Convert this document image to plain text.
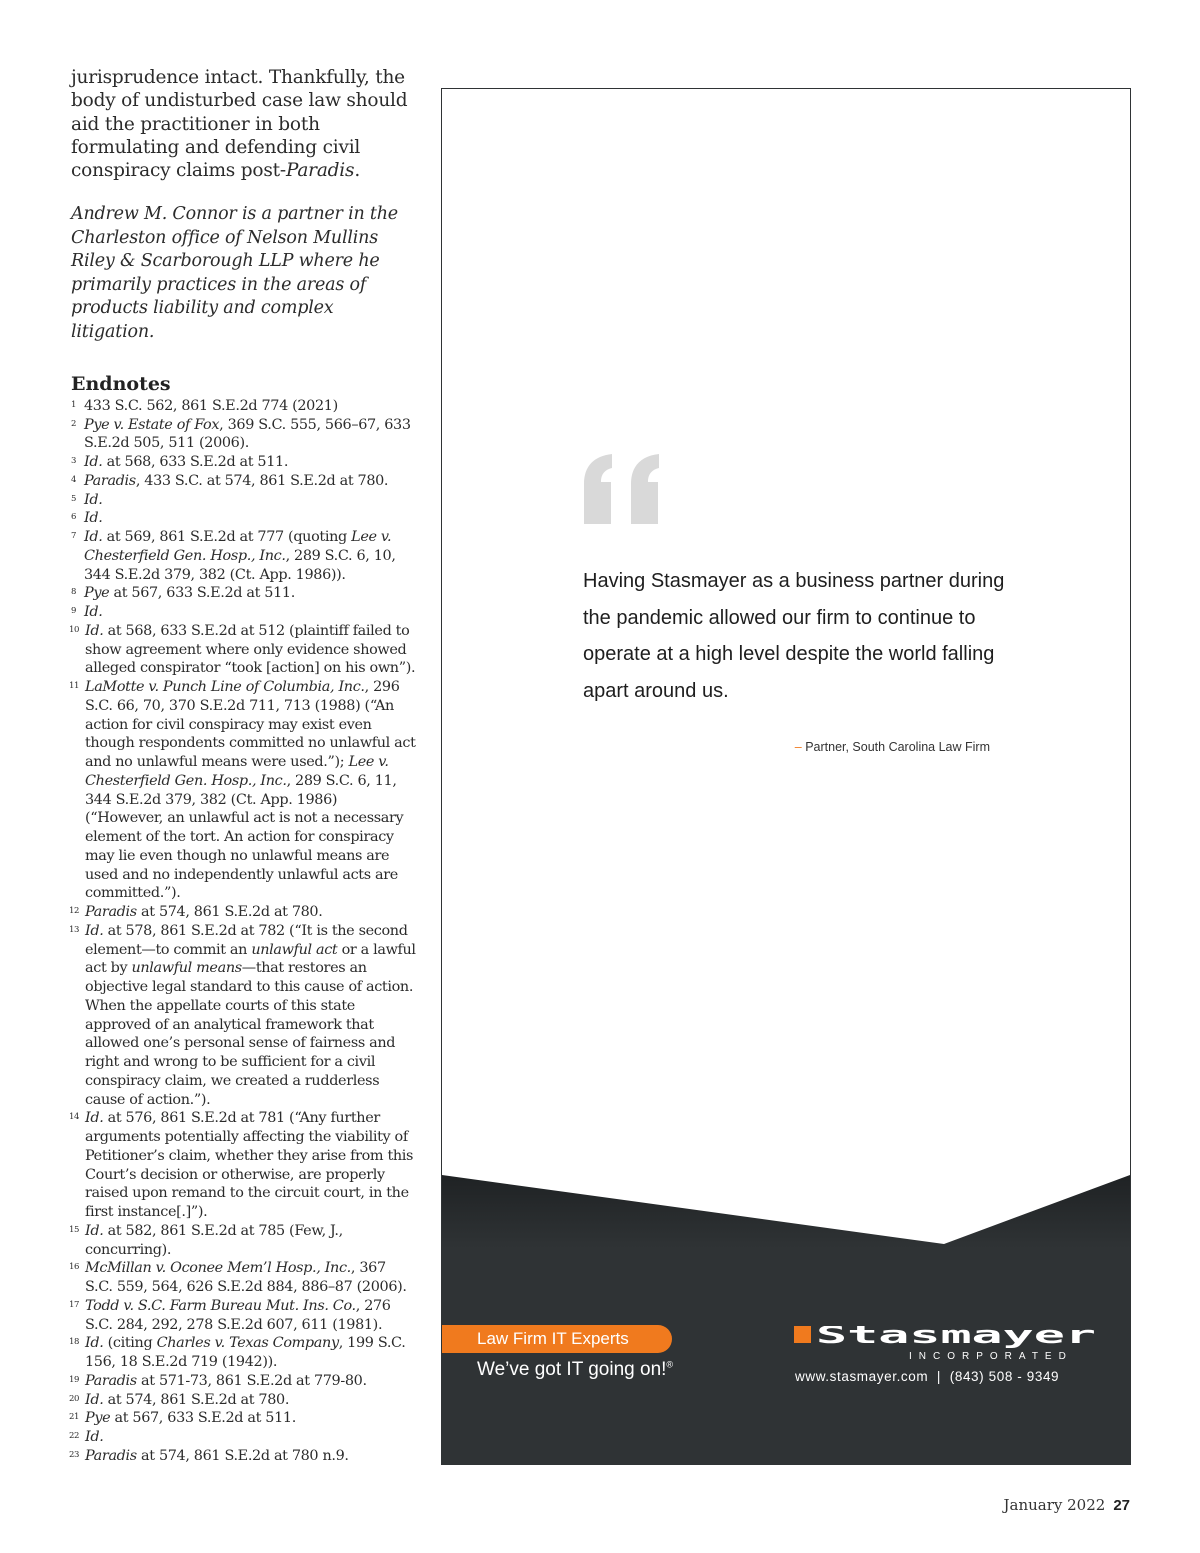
jurisprudence intact. Thankfully, the body of undisturbed case law should aid the practitioner in both formulating and defending civil conspiracy claims post-Paradis.

Andrew M. Connor is a partner in the Charleston office of Nelson Mullins Riley & Scarborough LLP where he primarily practices in the areas of products liability and complex litigation.

Endnotes
1 433 S.C. 562, 861 S.E.2d 774 (2021)
2 Pye v. Estate of Fox, 369 S.C. 555, 566–67, 633 S.E.2d 505, 511 (2006).
3 Id. at 568, 633 S.E.2d at 511.
4 Paradis, 433 S.C. at 574, 861 S.E.2d at 780.
5 Id.
6 Id.
7 Id. at 569, 861 S.E.2d at 777 (quoting Lee v. Chesterfield Gen. Hosp., Inc., 289 S.C. 6, 10, 344 S.E.2d 379, 382 (Ct. App. 1986)).
8 Pye at 567, 633 S.E.2d at 511.
9 Id.
10 Id. at 568, 633 S.E.2d at 512 (plaintiff failed to show agreement where only evidence showed alleged conspirator “took [action] on his own”).
11 LaMotte v. Punch Line of Columbia, Inc., 296 S.C. 66, 70, 370 S.E.2d 711, 713 (1988) (“An action for civil conspiracy may exist even though respondents committed no unlawful act and no unlawful means were used.”); Lee v. Chesterfield Gen. Hosp., Inc., 289 S.C. 6, 11, 344 S.E.2d 379, 382 (Ct. App. 1986) (“However, an unlawful act is not a necessary element of the tort. An action for conspiracy may lie even though no unlawful means are used and no independently unlawful acts are committed.”).
12 Paradis at 574, 861 S.E.2d at 780.
13 Id. at 578, 861 S.E.2d at 782 (“It is the second element—to commit an unlawful act or a lawful act by unlawful means—that restores an objective legal standard to this cause of action. When the appellate courts of this state approved of an analytical framework that allowed one’s personal sense of fairness and right and wrong to be sufficient for a civil conspiracy claim, we created a rudderless cause of action.”).
14 Id. at 576, 861 S.E.2d at 781 (“Any further arguments potentially affecting the viability of Petitioner’s claim, whether they arise from this Court’s decision or otherwise, are properly raised upon remand to the circuit court, in the first instance[.]”).
15 Id. at 582, 861 S.E.2d at 785 (Few, J., concurring).
16 McMillan v. Oconee Mem’l Hosp., Inc., 367 S.C. 559, 564, 626 S.E.2d 884, 886–87 (2006).
17 Todd v. S.C. Farm Bureau Mut. Ins. Co., 276 S.C. 284, 292, 278 S.E.2d 607, 611 (1981).
18 Id. (citing Charles v. Texas Company, 199 S.C. 156, 18 S.E.2d 719 (1942)).
19 Paradis at 571-73, 861 S.E.2d at 779-80.
20 Id. at 574, 861 S.E.2d at 780.
21 Pye at 567, 633 S.E.2d at 511.
22 Id.
23 Paradis at 574, 861 S.E.2d at 780 n.9.

Having Stasmayer as a business partner during the pandemic allowed our firm to continue to operate at a high level despite the world falling apart around us.

– Partner, South Carolina Law Firm
Law Firm IT Experts
We’ve got IT going on!®
Stasmayer
INCORPORATED
www.stasmayer.com  |  (843) 508 - 9349
January 2022 27
